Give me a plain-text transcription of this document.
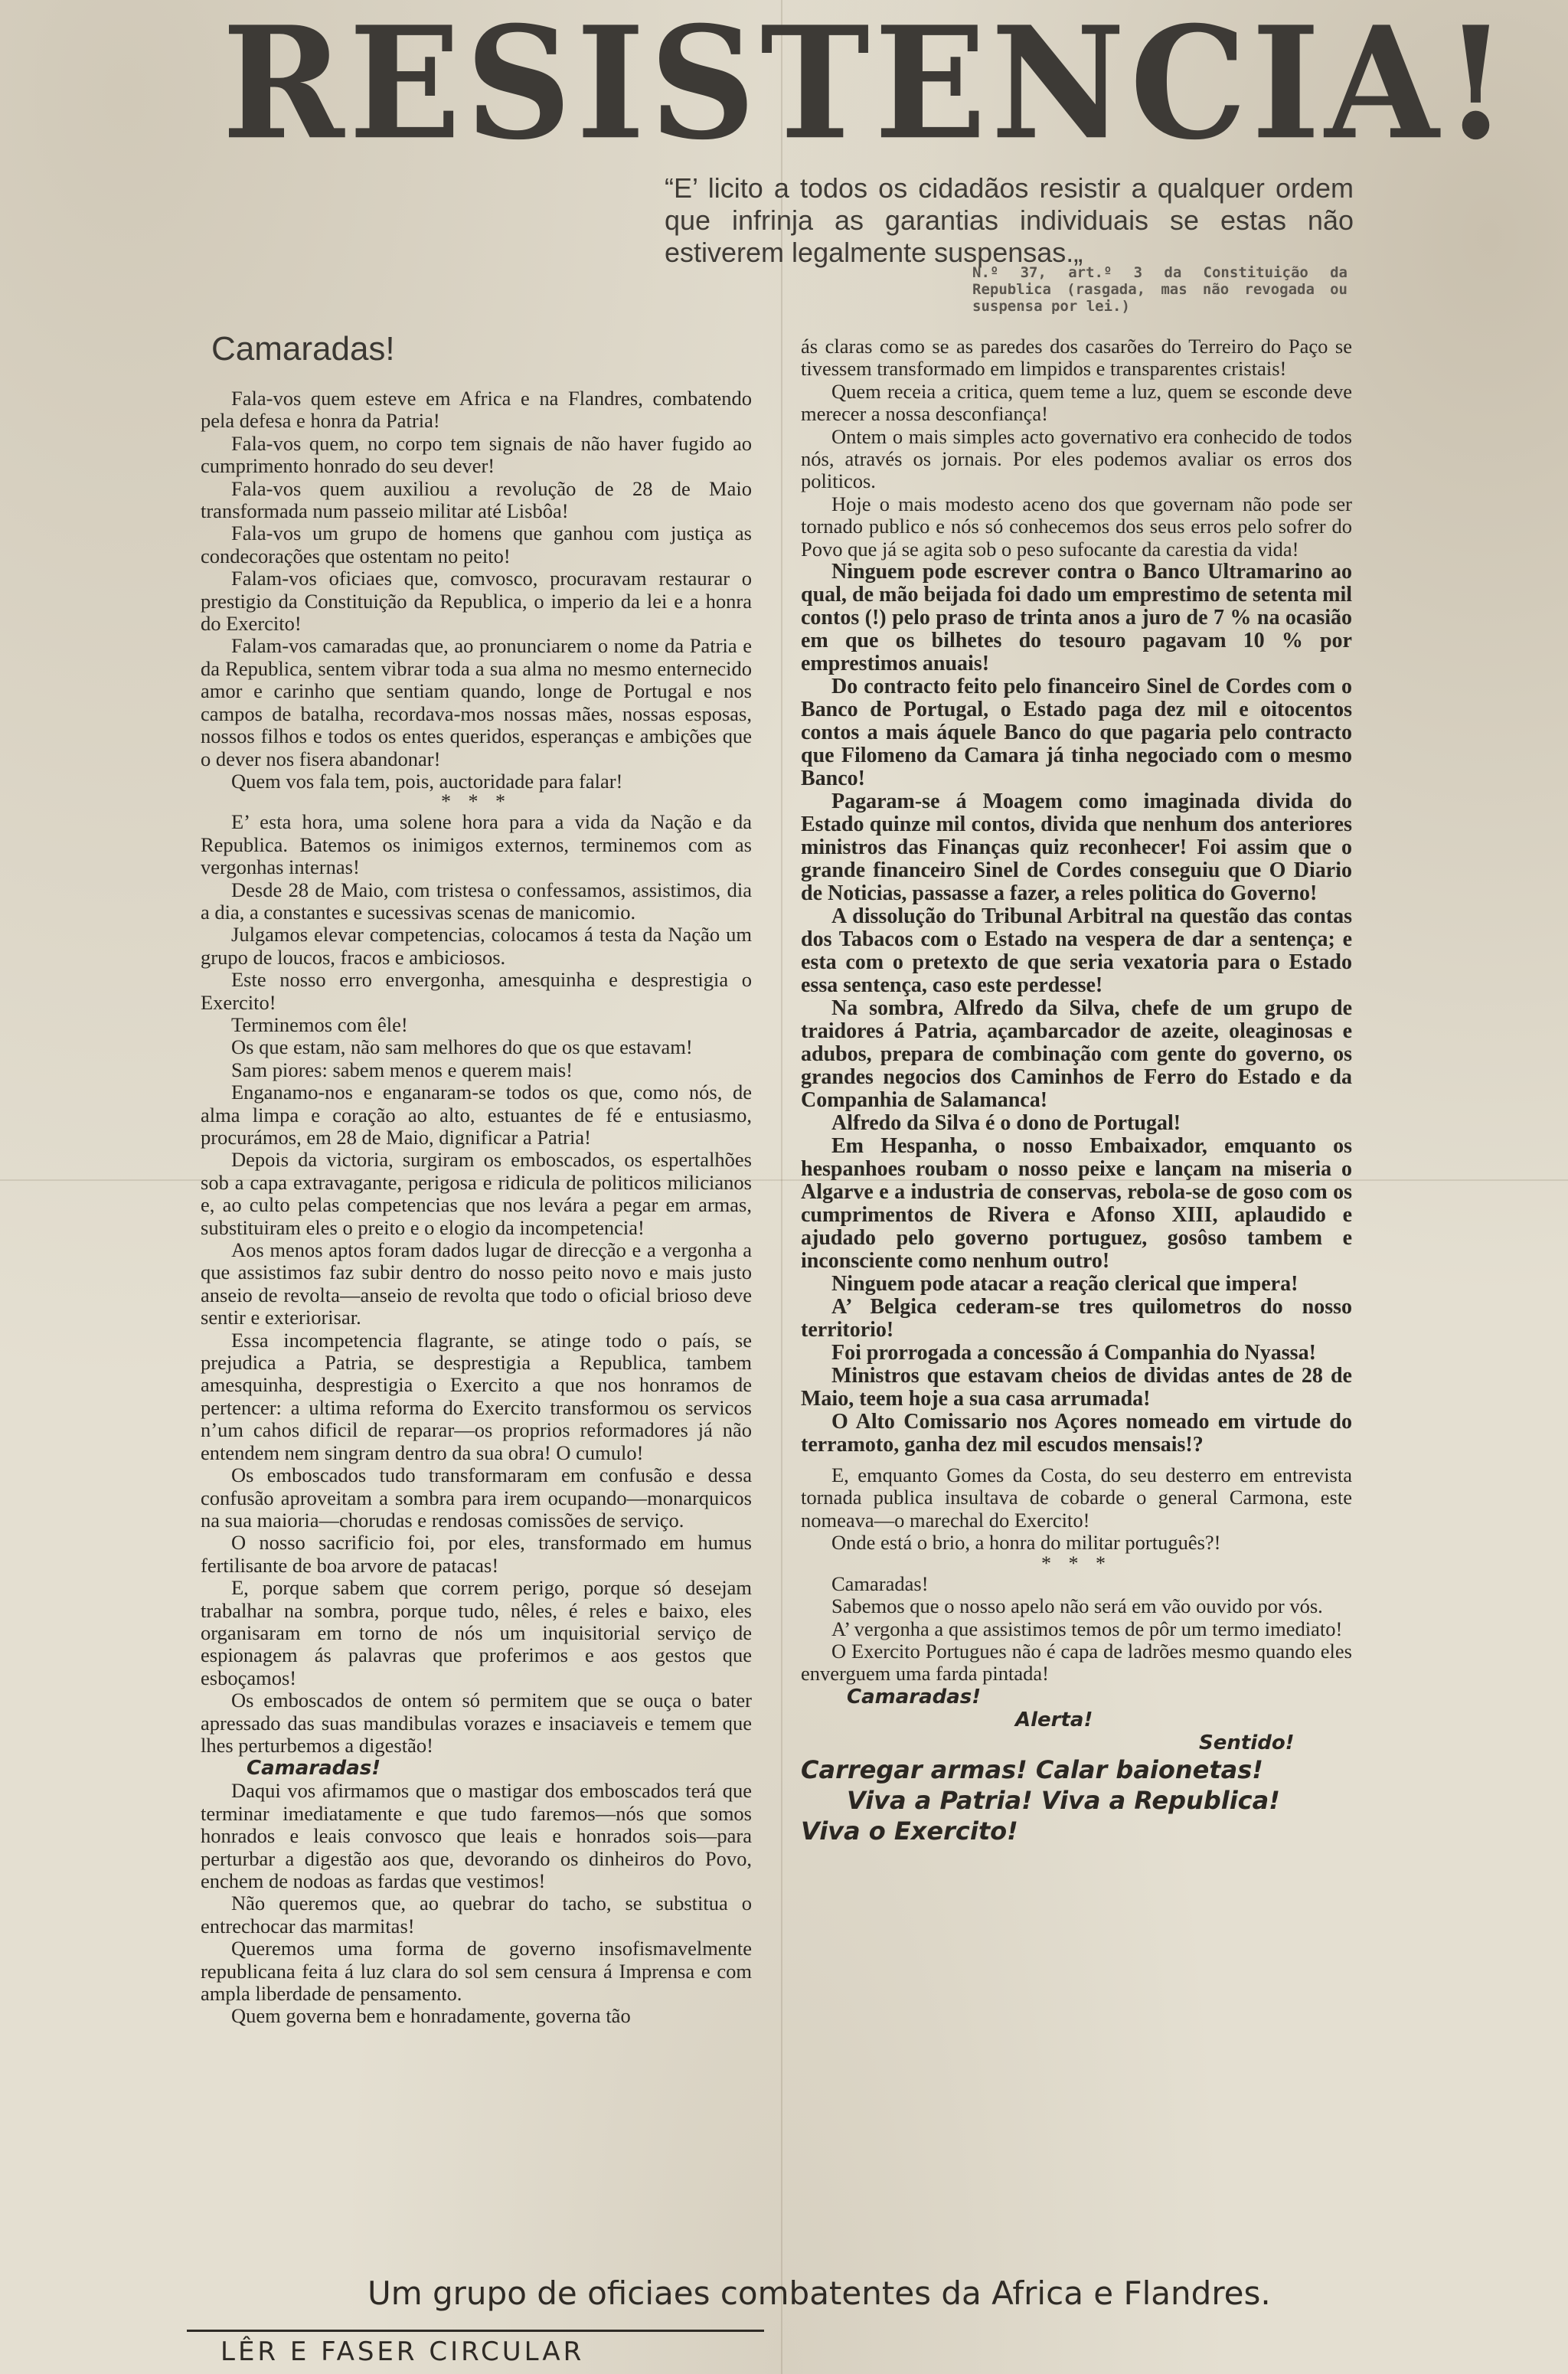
RESISTENCIA!
“E’ licito a todos os cidadãos resistir a qualquer ordem que infrinja as garantias individuais se estas não estiverem legalmente suspensas.„
N.º 37, art.º 3 da Constituição da Republica (rasgada, mas não revogada ou suspensa por lei.)

Camaradas!

Fala-vos quem esteve em Africa e na Flandres, combatendo pela defesa e honra da Patria!

Fala-vos quem, no corpo tem signais de não haver fugido ao cumprimento honrado do seu dever!

Fala-vos quem auxiliou a revolução de 28 de Maio transformada num passeio militar até Lisbôa!

Fala-vos um grupo de homens que ganhou com justiça as condecorações que ostentam no peito!

Falam-vos oficiaes que, comvosco, procuravam restaurar o prestigio da Constituição da Republica, o imperio da lei e a honra do Exercito!

Falam-vos camaradas que, ao pronunciarem o nome da Patria e da Republica, sentem vibrar toda a sua alma no mesmo enternecido amor e carinho que sentiam quando, longe de Portugal e nos campos de batalha, recordava-mos nossas mães, nossas esposas, nossos filhos e todos os entes queridos, esperanças e ambições que o dever nos fisera abandonar!

Quem vos fala tem, pois, auctoridade para falar!

* * *

E’ esta hora, uma solene hora para a vida da Nação e da Republica. Batemos os inimigos externos, terminemos com as vergonhas internas!

Desde 28 de Maio, com tristesa o confessamos, assistimos, dia a dia, a constantes e sucessivas scenas de manicomio.

Julgamos elevar competencias, colocamos á testa da Nação um grupo de loucos, fracos e ambiciosos.

Este nosso erro envergonha, amesquinha e desprestigia o Exercito!

Terminemos com êle!

Os que estam, não sam melhores do que os que estavam!

Sam piores: sabem menos e querem mais!

Enganamo-nos e enganaram-se todos os que, como nós, de alma limpa e coração ao alto, estuantes de fé e entusiasmo, procurámos, em 28 de Maio, dignificar a Patria!

Depois da victoria, surgiram os emboscados, os espertalhões sob a capa extravagante, perigosa e ridicula de politicos milicianos e, ao culto pelas competencias que nos levára a pegar em armas, substituiram eles o preito e o elogio da incompetencia!

Aos menos aptos foram dados lugar de direcção e a vergonha a que assistimos faz subir dentro do nosso peito novo e mais justo anseio de revolta—anseio de revolta que todo o oficial brioso deve sentir e exteriorisar.

Essa incompetencia flagrante, se atinge todo o país, se prejudica a Patria, se desprestigia a Republica, tambem amesquinha, desprestigia o Exercito a que nos honramos de pertencer: a ultima reforma do Exercito transformou os servicos n’um cahos dificil de reparar—os proprios reformadores já não entendem nem singram dentro da sua obra! O cumulo!

Os emboscados tudo transformaram em confusão e dessa confusão aproveitam a sombra para irem ocupando—monarquicos na sua maioria—chorudas e rendosas comissões de serviço.

O nosso sacrificio foi, por eles, transformado em humus fertilisante de boa arvore de patacas!

E, porque sabem que correm perigo, porque só desejam trabalhar na sombra, porque tudo, nêles, é reles e baixo, eles organisaram em torno de nós um inquisitorial serviço de espionagem ás palavras que proferimos e aos gestos que esboçamos!

Os emboscados de ontem só permitem que se ouça o bater apressado das suas mandibulas vorazes e insaciaveis e temem que lhes perturbemos a digestão!

Camaradas!

Daqui vos afirmamos que o mastigar dos emboscados terá que terminar imediatamente e que tudo faremos—nós que somos honrados e leais convosco que leais e honrados sois—para perturbar a digestão aos que, devorando os dinheiros do Povo, enchem de nodoas as fardas que vestimos!

Não queremos que, ao quebrar do tacho, se substitua o entrechocar das marmitas!

Queremos uma forma de governo insofismavelmente republicana feita á luz clara do sol sem censura á Imprensa e com ampla liberdade de pensamento.

Quem governa bem e honradamente, governa tão

ás claras como se as paredes dos casarões do Terreiro do Paço se tivessem transformado em limpidos e transparentes cristais!

Quem receia a critica, quem teme a luz, quem se esconde deve merecer a nossa desconfiança!

Ontem o mais simples acto governativo era conhecido de todos nós, através os jornais. Por eles podemos avaliar os erros dos politicos.

Hoje o mais modesto aceno dos que governam não pode ser tornado publico e nós só conhecemos dos seus erros pelo sofrer do Povo que já se agita sob o peso sufocante da carestia da vida!

Ninguem pode escrever contra o Banco Ultramarino ao qual, de mão beijada foi dado um emprestimo de setenta mil contos (!) pelo praso de trinta anos a juro de 7 % na ocasião em que os bilhetes do tesouro pagavam 10 % por emprestimos anuais!

Do contracto feito pelo financeiro Sinel de Cordes com o Banco de Portugal, o Estado paga dez mil e oitocentos contos a mais áquele Banco do que pagaria pelo contracto que Filomeno da Camara já tinha negociado com o mesmo Banco!

Pagaram-se á Moagem como imaginada divida do Estado quinze mil contos, divida que nenhum dos anteriores ministros das Finanças quiz reconhecer! Foi assim que o grande financeiro Sinel de Cordes conseguiu que O Diario de Noticias, passasse a fazer, a reles politica do Governo!

A dissolução do Tribunal Arbitral na questão das contas dos Tabacos com o Estado na vespera de dar a sentença; e esta com o pretexto de que seria vexatoria para o Estado essa sentença, caso este perdesse!

Na sombra, Alfredo da Silva, chefe de um grupo de traidores á Patria, açambarcador de azeite, oleaginosas e adubos, prepara de combinação com gente do governo, os grandes negocios dos Caminhos de Ferro do Estado e da Companhia de Salamanca!

Alfredo da Silva é o dono de Portugal!

Em Hespanha, o nosso Embaixador, emquanto os hespanhoes roubam o nosso peixe e lançam na miseria o Algarve e a industria de conservas, rebola-se de goso com os cumprimentos de Rivera e Afonso XIII, aplaudido e ajudado pelo governo portuguez, gosôso tambem e inconsciente como nenhum outro!

Ninguem pode atacar a reação clerical que impera!

A’ Belgica cederam-se tres quilometros do nosso territorio!

Foi prorrogada a concessão á Companhia do Nyassa!

Ministros que estavam cheios de dividas antes de 28 de Maio, teem hoje a sua casa arrumada!

O Alto Comissario nos Açores nomeado em virtude do terramoto, ganha dez mil escudos mensais!?

E, emquanto Gomes da Costa, do seu desterro em entrevista tornada publica insultava de cobarde o general Carmona, este nomeava—o marechal do Exercito!

Onde está o brio, a honra do militar português?!

* * *

Camaradas!

Sabemos que o nosso apelo não será em vão ouvido por vós.

A’ vergonha a que assistimos temos de pôr um termo imediato!

O Exercito Portugues não é capa de ladrões mesmo quando eles enverguem uma farda pintada!

Camaradas!

Alerta!

Sentido!

Carregar armas! Calar baionetas!

Viva a Patria! Viva a Republica!

Viva o Exercito!

Um grupo de oficiaes combatentes da Africa e Flandres.
LÊR E FASER CIRCULAR
